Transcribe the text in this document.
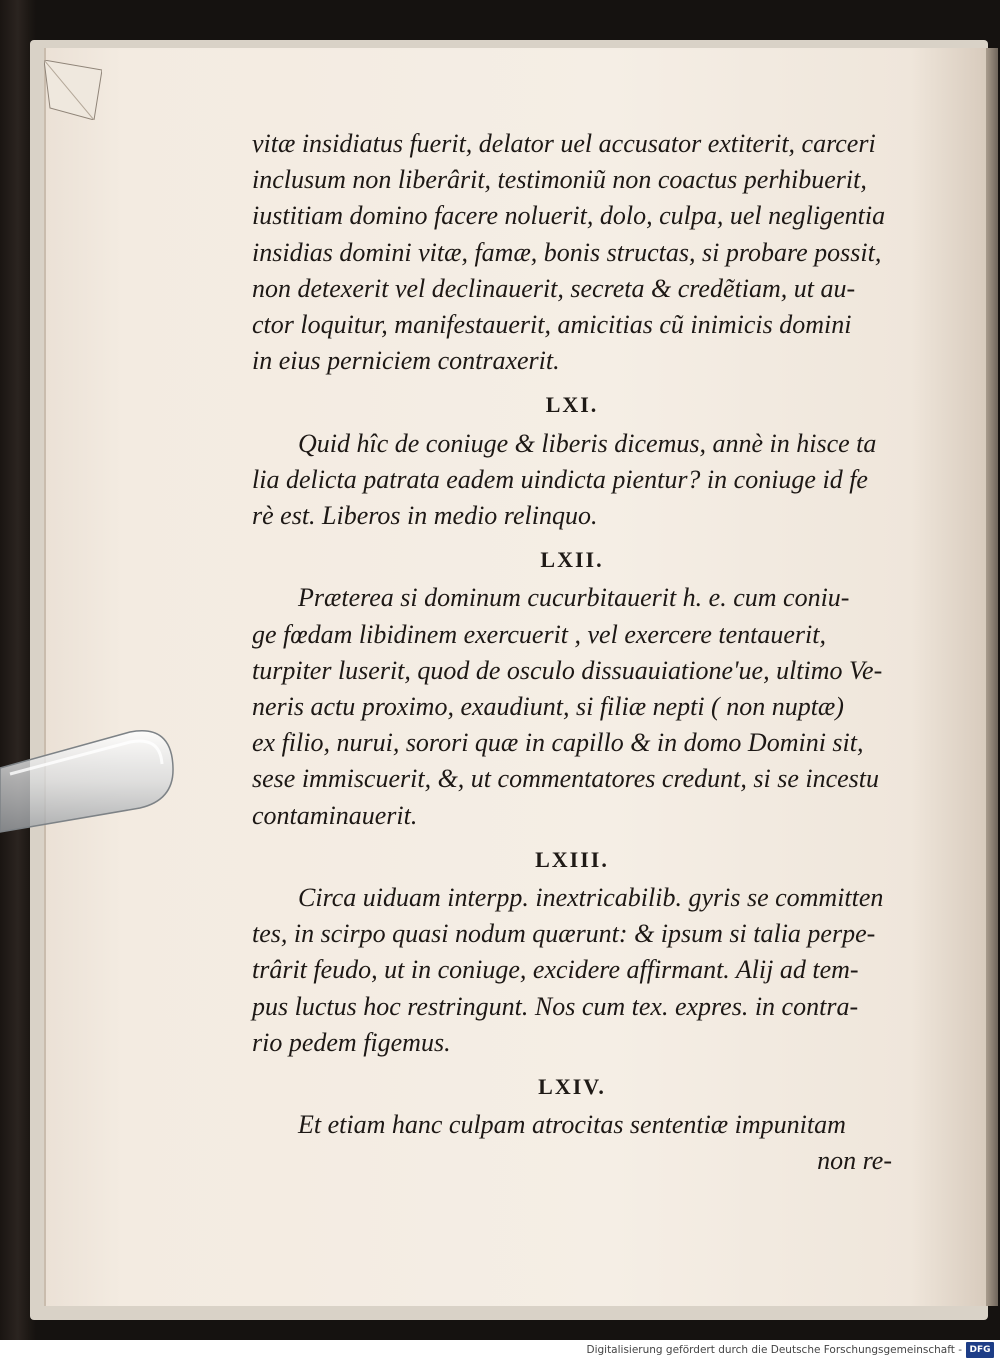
vitæ insidiatus fuerit, delator uel accusator extiterit, carceri
inclusum non liberârit, testimoniũ non coactus perhibuerit,
iustitiam domino facere noluerit, dolo, culpa, uel negligentia
insidias domini vitæ, famæ, bonis structas, si probare possit,
non detexerit vel declinauerit, secreta & credẽtiam, ut au-
ctor loquitur, manifestauerit, amicitias cũ inimicis domini
in eius perniciem contraxerit.
LXI.
Quid hîc de coniuge & liberis dicemus, annè in hisce ta
lia delicta patrata eadem uindicta pientur? in coniuge id fe
rè est. Liberos in medio relinquo.
LXII.
Præterea si dominum cucurbitauerit h. e. cum coniu-
ge fœdam libidinem exercuerit , vel exercere tentauerit,
turpiter luserit, quod de osculo dissuauiatione'ue, ultimo Ve-
neris actu proximo, exaudiunt, si filiæ nepti ( non nuptæ)
ex filio, nurui, sorori quæ in capillo & in domo Domini sit,
sese immiscuerit, &, ut commentatores credunt, si se incestu
contaminauerit.
LXIII.
Circa uiduam interpp. inextricabilib. gyris se committen
tes, in scirpo quasi nodum quærunt: & ipsum si talia perpe-
trârit feudo, ut in coniuge, excidere affirmant. Alij ad tem-
pus luctus hoc restringunt. Nos cum tex. expres. in contra-
rio pedem figemus.
LXIV.
Et etiam hanc culpam atrocitas sententiæ impunitam
non re-
Digitalisierung gefördert durch die Deutsche Forschungsgemeinschaft - DFG
